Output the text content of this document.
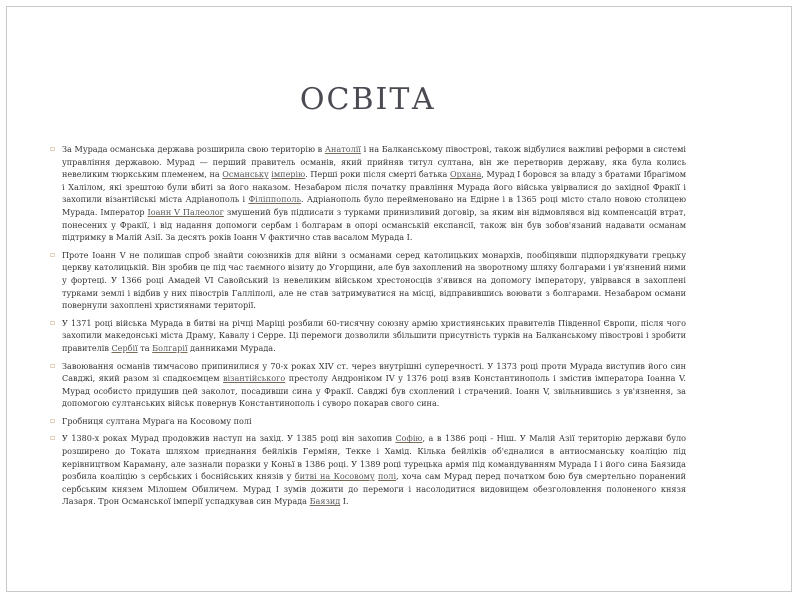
ОСВІТА
▫ За Мурада османська держава розширила свою територію в Анатолії і на Балканському півострові, також відбулися важливі реформи в системі управління державою. Мурад — перший правитель османів, який прийняв титул султана, він же перетворив державу, яка була колись невеликим тюркським племенем, на Османську імперію. Перші роки після смерті батька Орхана, Мурад I боровся за владу з братами Ібрагімом і Халілом, які зрештою були вбиті за його наказом. Незабаром після початку правління Мурада його війська увірвалися до західної Фракії і захопили візантійські міста Адріанополь і Філіппополь. Адріанополь було перейменовано на Едірне і в 1365 році місто стало новою столицею Мурада. Імператор Іоанн V Палеолог змушений був підписати з турками принизливий договір, за яким він відмовлявся від компенсацій втрат, понесених у Фракії, і від надання допомоги сербам і болгарам в опорі османській експансії, також він був зобов'язаний надавати османам підтримку в Малій Азії. За десять років Іоанн V фактично став васалом Мурада I.
▫ Проте Іоанн V не полишав спроб знайти союзників для війни з османами серед католицьких монархів, пообіцявши підпорядкувати грецьку церкву католицькій. Він зробив це під час таємного візиту до Угорщини, але був захоплений на зворотному шляху болгарами і ув'язнений ними у фортеці. У 1366 році Амадей VI Савойський із невеликим військом хрестоносців з'явився на допомогу імператору, увірвався в захоплені турками землі і відбив у них півострів Галліполі, але не став затримуватися на місці, відправившись воювати з болгарами. Незабаром османи повернули захоплені християнами території.
▫ У 1371 році війська Мурада в битві на річці Маріці розбили 60-тисячну союзну армію християнських правителів Південної Європи, після чого захопили македонські міста Драму, Кавалу і Серре. Ці перемоги дозволили збільшити присутність турків на Балканському півострові і зробити правителів Сербії та Болгарії данниками Мурада.
▫ Завоювання османів тимчасово припинилися у 70-х роках XIV ст. через внутрішні суперечності. У 1373 році проти Мурада виступив його син Савджі, який разом зі спадкоємцем візантійського престолу Андроніком IV у 1376 році взяв Константинополь і змістив імператора Іоанна V. Мурад особисто придушив цей заколот, посадивши сина у Фракії. Савджі був схоплений і страчений. Іоанн V, звільнившись з ув'язнення, за допомогою султанських військ повернув Константинополь і суворо покарав свого сина.
▫ Гробниця султана Мурага на Косовому полі
▫ У 1380-х роках Мурад продовжив наступ на захід. У 1385 році він захопив Софію, а в 1386 році - Ніш. У Малій Азії територію держави було розширено до Токата шляхом приєднання бейліків Герміян, Текке і Хамід. Кілька бейліків об'єдналися в антиосманську коаліцію під керівництвом Караману, але зазнали поразки у Коньї в 1386 році. У 1389 році турецька армія під командуванням Мурада I і його сина Баязида розбила коаліцію з сербських і боснійських князів у битві на Косовому полі, хоча сам Мурад перед початком бою був смертельно поранений сербським князем Мілошем Обиличем. Мурад I зумів дожити до перемоги і насолодитися видовищем обезголовлення полоненого князя Лазаря. Трон Османської імперії успадкував син Мурада Баязид I.
